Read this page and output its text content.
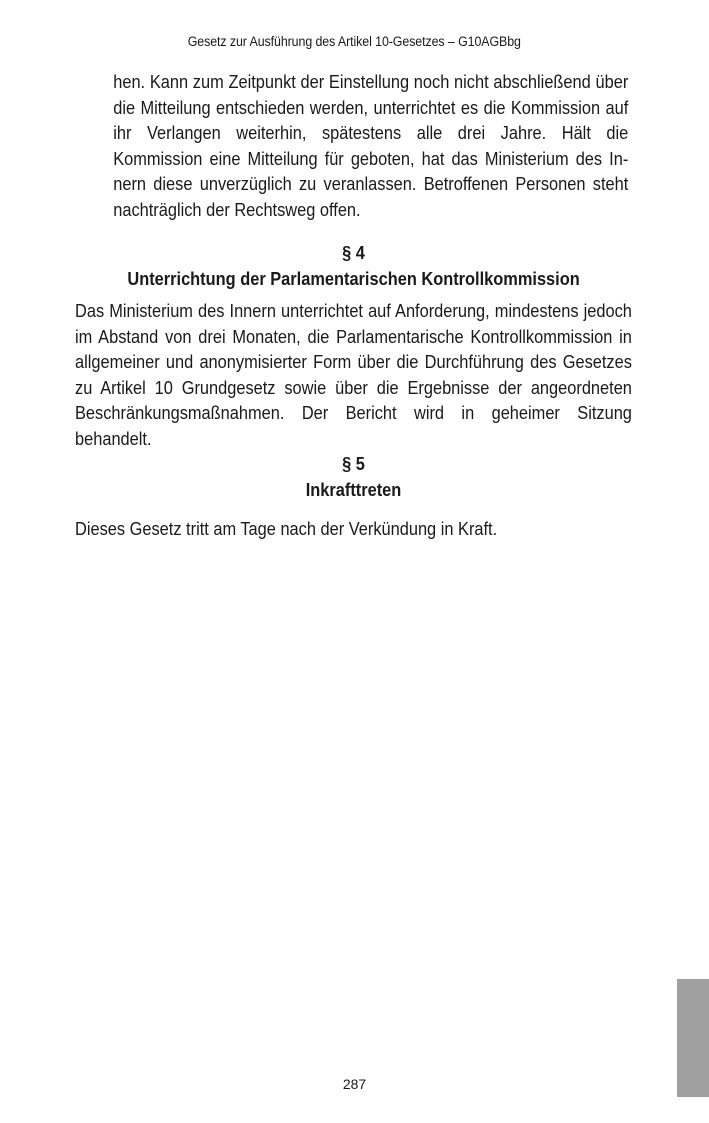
Gesetz zur Ausführung des Artikel 10-Gesetzes – G10AGBbg

hen. Kann zum Zeitpunkt der Einstellung noch nicht abschließend über die Mitteilung entschieden werden, unterrichtet es die Kommission auf ihr Verlangen weiterhin, spätestens alle drei Jahre. Hält die Kommission eine Mitteilung für geboten, hat das Ministerium des Innern diese unverzüglich zu veranlassen. Betroffenen Personen steht nachträglich der Rechtsweg offen.

§ 4
Unterrichtung der Parlamentarischen Kontrollkommission

Das Ministerium des Innern unterrichtet auf Anforderung, mindestens jedoch im Abstand von drei Monaten, die Parlamentarische Kontrollkommission in allgemeiner und anonymisierter Form über die Durchführung des Gesetzes zu Artikel 10 Grundgesetz sowie über die Ergebnisse der angeordneten Beschränkungsmaßnahmen. Der Bericht wird in geheimer Sitzung behandelt.

§ 5
Inkrafttreten

Dieses Gesetz tritt am Tage nach der Verkündung in Kraft.

287
